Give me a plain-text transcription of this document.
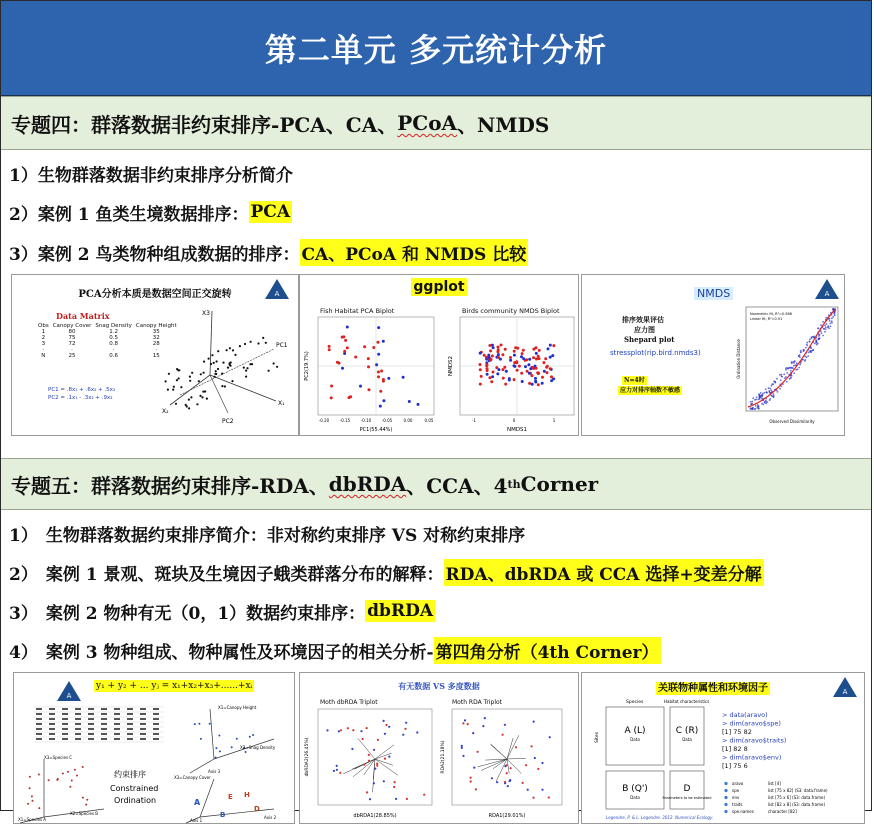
第二单元 多元统计分析
专题四：群落数据非约束排序- PCA、CA、 PCoA 、NMDS
1）生物群落数据非约束排序分析简介
2）案例 1 鱼类生境数据排序： PCA
3）案例 2 鸟类物种组成数据的排序： CA、PCoA 和 NMDS 比较
PCA分析本质是数据空间正交旋转	A
Data Matrix
Obs	Canopy Cover	Snag Density	Canopy Height
1	80	1.2	35
2	75	0.5	32
3	72	0.8	28
·	·	·	·
N	25	0.6	15
PC1 = .8x₁ + .6x₂ + .5x₃
PC2 = .1x₁ - .3x₂ + .9x₃
X3
PC1
X₁
X₂
PC2
ggplot
Fish Habitat PCA Biplot	Birds community NMDS Biplot
-0.20	-0.15	-0.10	-0.05	0.00	0.05	-1	0	1
PC1(55.44%)	NMDS1
PC2(19.7%)	NMDS2
NMDS	A
排序效果评估
应力图
Shepard plot
stressplot(rip.bird.nmds3)
N=4时
应力对排序轴数不敏感
Nonmetric fit, R²=0.986
Linear fit, R²=0.91
Observed Dissimilarity
Ordination Distance
专题五：群落数据约束排序-RDA、 dbRDA 、CCA、4 th Corner
1） 生物群落数据约束排序简介：非对称约束排序 VS 对称约束排序
2） 案例 1 景观、斑块及生境因子蛾类群落分布的解释： RDA、dbRDA 或 CCA 选择+变差分解
3） 案例 2 物种有无（0，1）数据约束排序： dbRDA
4） 案例 3 物种组成、物种属性及环境因子的相关分析- 第四角分析（4th Corner）
y₁ + y₂ + ... yⱼ = x₁+x₂+x₃+......+xᵢ
A
约束排序
Constrained
Ordination
X3=Species C
X2=Species B
X1=Species A
X1=Canopy Height
X2=Snag Density
X3=Canopy Cover
A
E H
B
D
Axis 3
Axis 2
Axis 1
有无数据 VS 多度数据
Moth dbRDA Triplot	Moth RDA Triplot
dbRDA1(28.85%)	RDA1(29.01%)
dbRDA2(26.45%)	RDA2(21.18%)
关联物种属性和环境因子	A
Species	Habitat characteristics
Sites
A (L)
Data
C (R)
Data
B (Q')
Data
D
Parameters to be estimated
Legendre, P. & L. Legendre. 2012. Numerical Ecology.
> data(aravo)
> dim(aravo$spe)
[1] 75 82
> dim(aravo$traits)
[1] 82 8
> dim(aravo$env)
[1] 75 6
aravo	list [4]
spe	list [75 x 82] (S3: data.frame)
env	list [75 x 6] (S3: data.frame)
traits	list [82 x 8] (S3: data.frame)
spe.names	character [82]
